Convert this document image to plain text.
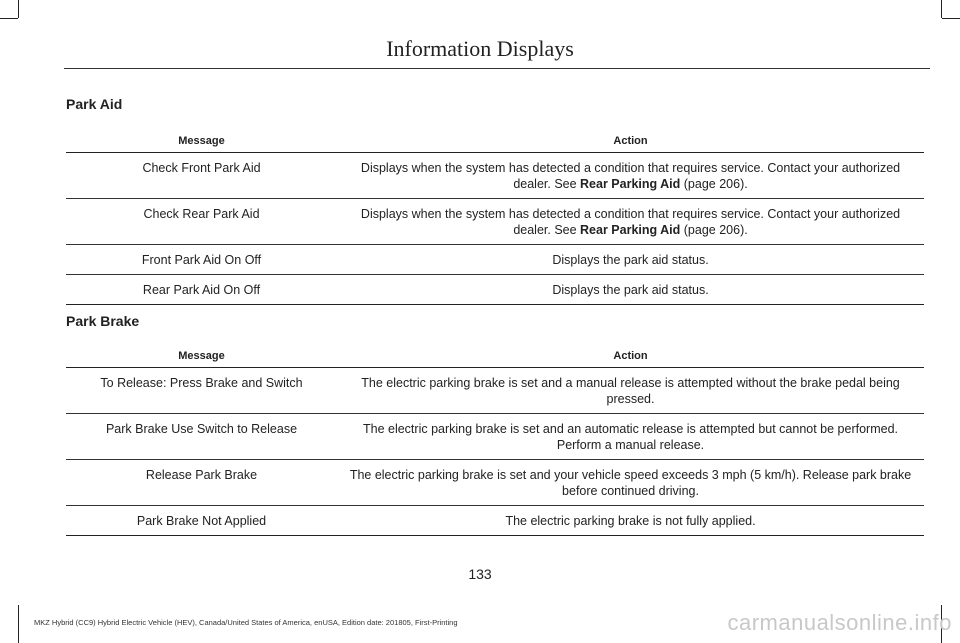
Information Displays
Park Aid
Message	Action
Check Front Park Aid	Displays when the system has detected a condition that requires service. Contact your authorized dealer. See Rear Parking Aid (page 206).
Check Rear Park Aid	Displays when the system has detected a condition that requires service. Contact your authorized dealer. See Rear Parking Aid (page 206).
Front Park Aid On Off	Displays the park aid status.
Rear Park Aid On Off	Displays the park aid status.
Park Brake
Message	Action
To Release: Press Brake and Switch	The electric parking brake is set and a manual release is attempted without the brake pedal being pressed.
Park Brake Use Switch to Release	The electric parking brake is set and an automatic release is attempted but cannot be performed. Perform a manual release.
Release Park Brake	The electric parking brake is set and your vehicle speed exceeds 3 mph (5 km/h). Release park brake before continued driving.
Park Brake Not Applied	The electric parking brake is not fully applied.
133
MKZ Hybrid (CC9) Hybrid Electric Vehicle (HEV), Canada/United States of America, enUSA, Edition date: 201805, First-Printing	carmanualsonline.info
